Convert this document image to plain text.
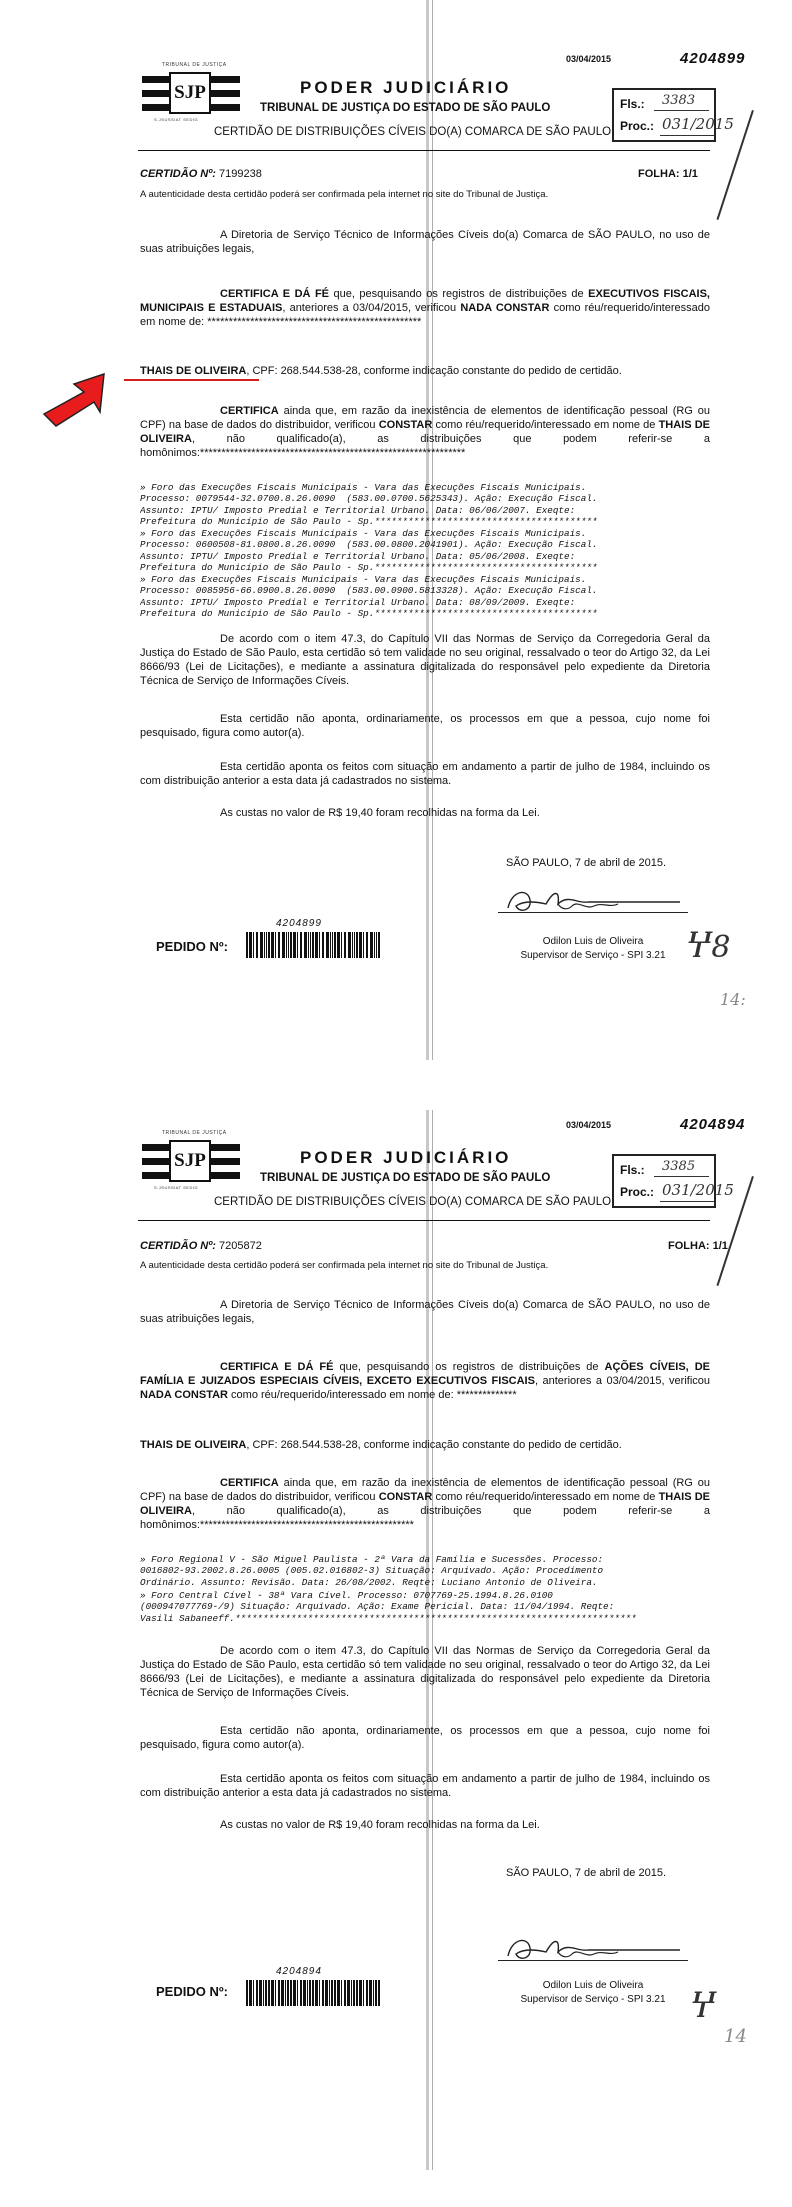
TRIBUNAL DE JUSTIÇA
SJP
S.JSUSSIAT SEDIG
03/04/2015	4204899
PODER JUDICIÁRIO
TRIBUNAL DE JUSTIÇA DO ESTADO DE SÃO PAULO
CERTIDÃO DE DISTRIBUIÇÕES CÍVEIS DO(A) COMARCA DE SÃO PAULO
Fls.: 3383
Proc.: 031/2015
CERTIDÃO Nº: 7199238	FOLHA: 1/1
A autenticidade desta certidão poderá ser confirmada pela internet no site do Tribunal de Justiça.
A Diretoria de Serviço Técnico de Informações Cíveis do(a) Comarca de SÃO PAULO, no uso de suas atribuições legais,
CERTIFICA E DÁ FÉ que, pesquisando os registros de distribuições de EXECUTIVOS FISCAIS, MUNICIPAIS E ESTADUAIS, anteriores a 03/04/2015, verificou NADA CONSTAR como réu/requerido/interessado em nome de: **************************************************
THAIS DE OLIVEIRA, CPF: 268.544.538-28, conforme indicação constante do pedido de certidão.
CERTIFICA ainda que, em razão da inexistência de elementos de identificação pessoal (RG ou CPF) na base de dados do distribuidor, verificou CONSTAR como réu/requerido/interessado em nome de THAIS DE OLIVEIRA, não qualificado(a), as distribuições que podem referir-se a homônimos:**************************************************************
» Foro das Execuções Fiscais Municipais - Vara das Execuções Fiscais Municipais.
Processo: 0079544-32.0700.8.26.0090  (583.00.0700.5625343). Ação: Execução Fiscal.
Assunto: IPTU/ Imposto Predial e Territorial Urbano. Data: 06/06/2007. Exeqte:
Prefeitura do Município de São Paulo - Sp.****************************************
» Foro das Execuções Fiscais Municipais - Vara das Execuções Fiscais Municipais.
Processo: 0600508-81.0800.8.26.0090  (583.00.0800.2041901). Ação: Execução Fiscal.
Assunto: IPTU/ Imposto Predial e Territorial Urbano. Data: 05/06/2008. Exeqte:
Prefeitura do Município de São Paulo - Sp.****************************************
» Foro das Execuções Fiscais Municipais - Vara das Execuções Fiscais Municipais.
Processo: 0085956-66.0900.8.26.0090  (583.00.0900.5813328). Ação: Execução Fiscal.
Assunto: IPTU/ Imposto Predial e Territorial Urbano. Data: 08/09/2009. Exeqte:
Prefeitura do Município de São Paulo - Sp.****************************************
De acordo com o item 47.3, do Capítulo VII das Normas de Serviço da Corregedoria Geral da Justiça do Estado de São Paulo, esta certidão só tem validade no seu original, ressalvado o teor do Artigo 32, da Lei 8666/93 (Lei de Licitações), e mediante a assinatura digitalizada do responsável pelo expediente da Diretoria Técnica de Serviço de Informações Cíveis.
Esta certidão não aponta, ordinariamente, os processos em que a pessoa, cujo nome foi pesquisado, figura como autor(a).
Esta certidão aponta os feitos com situação em andamento a partir de julho de 1984, incluindo os com distribuição anterior a esta data já cadastrados no sistema.
As custas no valor de R$ 19,40 foram recolhidas na forma da Lei.
SÃO PAULO, 7 de abril de 2015.
Odilon Luis de Oliveira
Supervisor de Serviço - SPI 3.21
PEDIDO Nº:
4204899
Ⴤ8
14:
TRIBUNAL DE JUSTIÇA
SJP
S.JSUSSIAT SEDIG
03/04/2015	4204894
PODER JUDICIÁRIO
TRIBUNAL DE JUSTIÇA DO ESTADO DE SÃO PAULO
CERTIDÃO DE DISTRIBUIÇÕES CÍVEIS DO(A) COMARCA DE SÃO PAULO
Fls.: 3385
Proc.: 031/2015
CERTIDÃO Nº: 7205872	FOLHA: 1/1
A autenticidade desta certidão poderá ser confirmada pela internet no site do Tribunal de Justiça.
A Diretoria de Serviço Técnico de Informações Cíveis do(a) Comarca de SÃO PAULO, no uso de suas atribuições legais,
CERTIFICA E DÁ FÉ que, pesquisando os registros de distribuições de AÇÕES CÍVEIS, DE FAMÍLIA E JUIZADOS ESPECIAIS CÍVEIS, EXCETO EXECUTIVOS FISCAIS, anteriores a 03/04/2015, verificou NADA CONSTAR como réu/requerido/interessado em nome de: **************
THAIS DE OLIVEIRA, CPF: 268.544.538-28, conforme indicação constante do pedido de certidão.
CERTIFICA ainda que, em razão da inexistência de elementos de identificação pessoal (RG ou CPF) na base de dados do distribuidor, verificou CONSTAR como réu/requerido/interessado em nome de THAIS DE OLIVEIRA, não qualificado(a), as distribuições que podem referir-se a homônimos:**************************************************
» Foro Regional V - São Miguel Paulista - 2ª Vara da Família e Sucessões. Processo:
0016802-93.2002.8.26.0005 (005.02.016802-3) Situação: Arquivado. Ação: Procedimento
Ordinário. Assunto: Revisão. Data: 26/08/2002. Reqte: Luciano Antonio de Oliveira.
» Foro Central Cível - 38ª Vara Cível. Processo: 0707769-25.1994.8.26.0100
(000947077769-/9) Situação: Arquivado. Ação: Exame Pericial. Data: 11/04/1994. Reqte:
Vasili Sabaneeff.************************************************************************
De acordo com o item 47.3, do Capítulo VII das Normas de Serviço da Corregedoria Geral da Justiça do Estado de São Paulo, esta certidão só tem validade no seu original, ressalvado o teor do Artigo 32, da Lei 8666/93 (Lei de Licitações), e mediante a assinatura digitalizada do responsável pelo expediente da Diretoria Técnica de Serviço de Informações Cíveis.
Esta certidão não aponta, ordinariamente, os processos em que a pessoa, cujo nome foi pesquisado, figura como autor(a).
Esta certidão aponta os feitos com situação em andamento a partir de julho de 1984, incluindo os com distribuição anterior a esta data já cadastrados no sistema.
As custas no valor de R$ 19,40 foram recolhidas na forma da Lei.
SÃO PAULO, 7 de abril de 2015.
Odilon Luis de Oliveira
Supervisor de Serviço - SPI 3.21
PEDIDO Nº:
4204894
Ⴤ
14
